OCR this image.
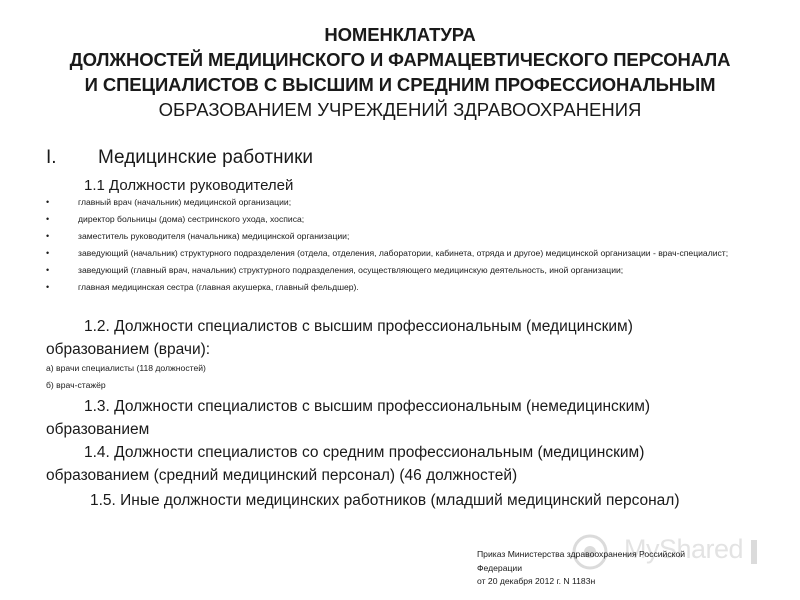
НОМЕНКЛАТУРА
ДОЛЖНОСТЕЙ МЕДИЦИНСКОГО И ФАРМАЦЕВТИЧЕСКОГО ПЕРСОНАЛА
И СПЕЦИАЛИСТОВ С ВЫСШИМ И СРЕДНИМ ПРОФЕССИОНАЛЬНЫМ
ОБРАЗОВАНИЕМ УЧРЕЖДЕНИЙ ЗДРАВООХРАНЕНИЯ
I. Медицинские работники
1.1 Должности руководителей
•	главный врач (начальник) медицинской организации;
•	директор больницы (дома) сестринского ухода, хосписа;
•	заместитель руководителя (начальника) медицинской организации;
•	заведующий (начальник) структурного подразделения (отдела, отделения, лаборатории, кабинета, отряда и другое) медицинской организации - врач-специалист;
•	заведующий (главный врач, начальник) структурного подразделения, осуществляющего медицинскую деятельность, иной организации;
•	главная медицинская сестра (главная акушерка, главный фельдшер).
1.2. Должности специалистов с высшим профессиональным (медицинским)
образованием (врачи):
а) врачи специалисты (118 должностей)
б) врач-стажёр
1.3. Должности специалистов с высшим профессиональным (немедицинским)
образованием
1.4. Должности специалистов со средним профессиональным (медицинским)
образованием (средний медицинский персонал) (46 должностей)
1.5. Иные должности медицинских работников (младший медицинский персонал)
MyShared
Приказ Министерства здравоохранения Российской
Федерации
от 20 декабря 2012 г. N 1183н
